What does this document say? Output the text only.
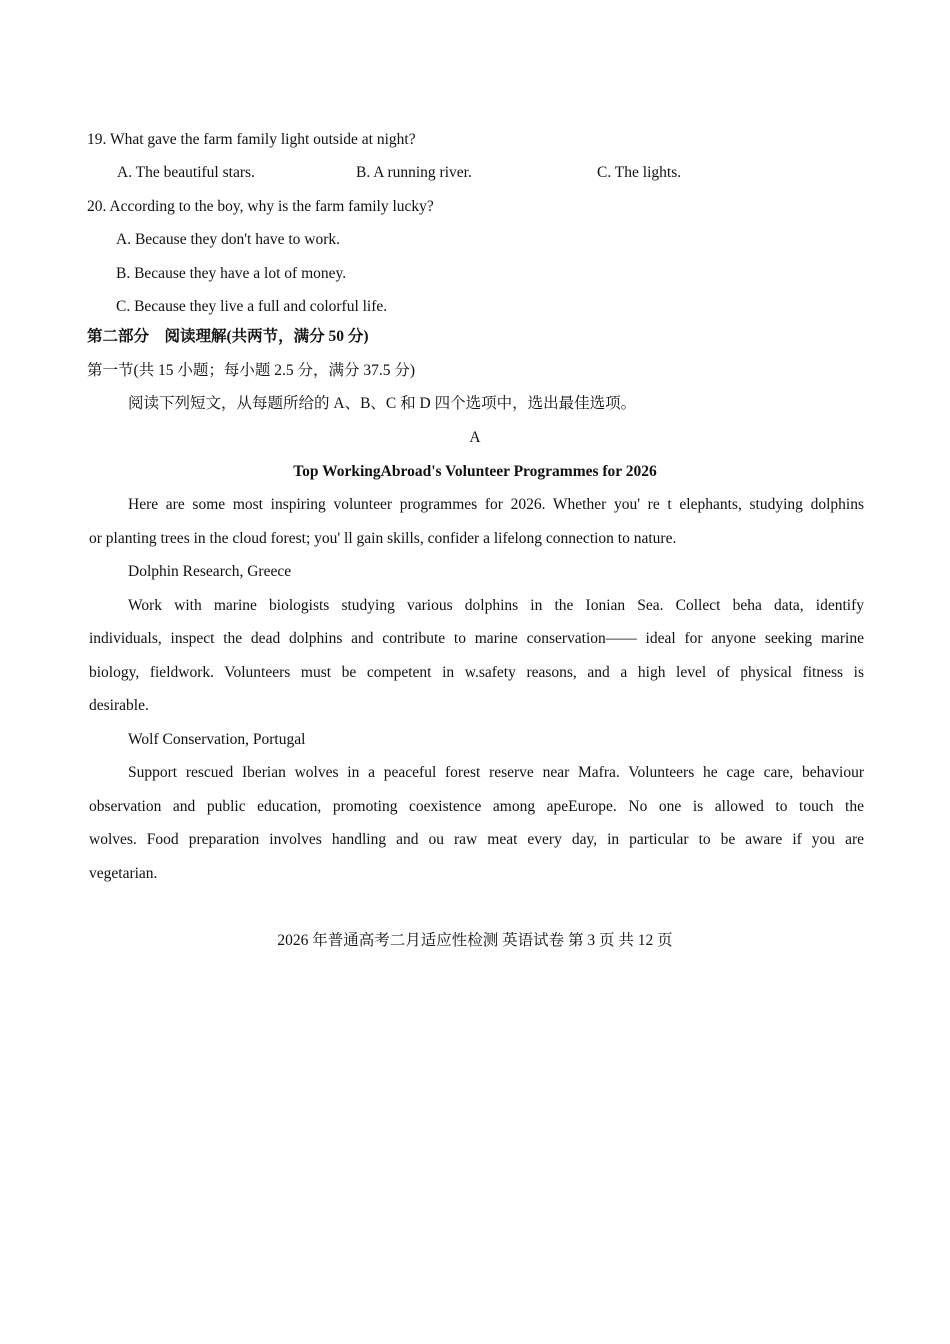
19. What gave the farm family light outside at night?
A. The beautiful stars.	B. A running river.	C. The lights.
20. According to the boy, why is the farm family lucky?
A. Because they don't have to work.
B. Because they have a lot of money.
C. Because they live a full and colorful life.
第二部分　阅读理解(共两节，满分 50 分)
第一节(共 15 小题；每小题 2.5 分，满分 37.5 分)
阅读下列短文，从每题所给的 A、B、C 和 D 四个选项中，选出最佳选项。
A
Top WorkingAbroad's Volunteer Programmes for 2026
Here are some most inspiring volunteer programmes for 2026. Whether you' re t elephants, studying dolphins
or planting trees in the cloud forest; you' ll gain skills, confider a lifelong connection to nature.
Dolphin Research, Greece
Work with marine biologists studying various dolphins in the Ionian Sea. Collect beha data, identify
individuals, inspect the dead dolphins and contribute to marine conservation—— ideal for anyone seeking marine
biology, fieldwork. Volunteers must be competent in w.safety reasons, and a high level of physical fitness is
desirable.
Wolf Conservation, Portugal
Support rescued Iberian wolves in a peaceful forest reserve near Mafra. Volunteers he cage care, behaviour
observation and public education, promoting coexistence among apeEurope. No one is allowed to touch the
wolves. Food preparation involves handling and ou raw meat every day, in particular to be aware if you are
vegetarian.
2026 年普通高考二月适应性检测 英语试卷 第 3 页 共 12 页
